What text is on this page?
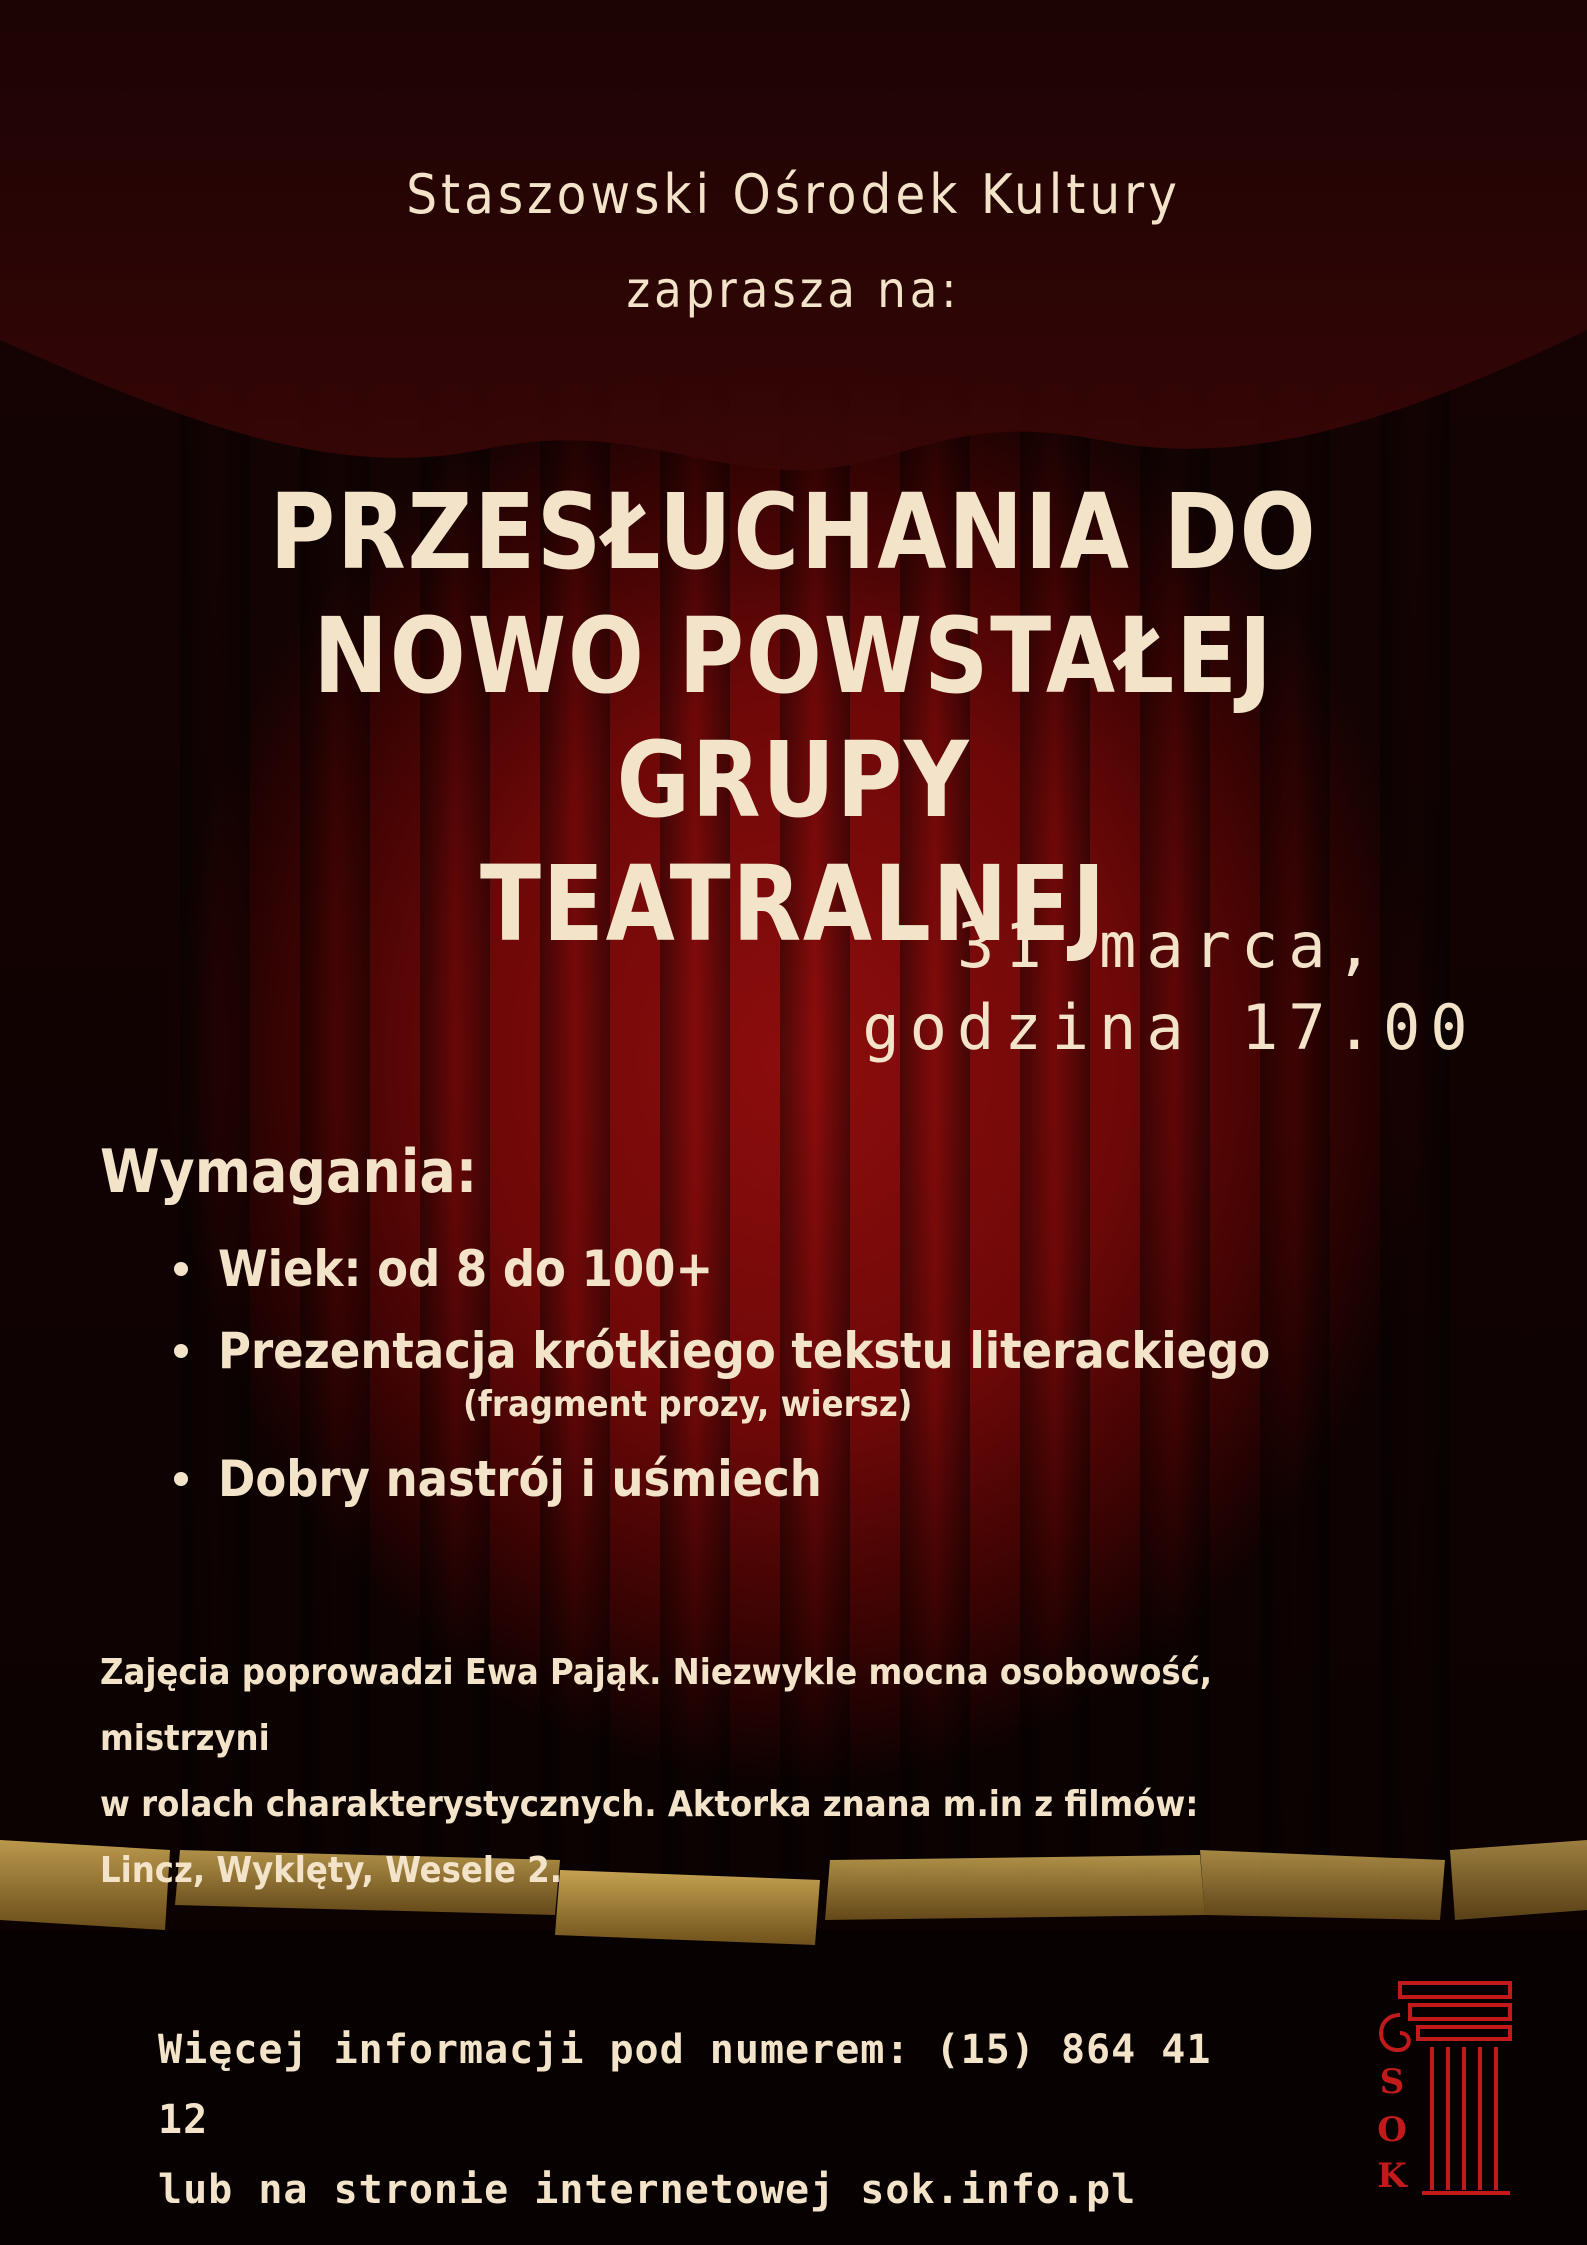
Staszowski Ośrodek Kultury
zaprasza na:
PRZESŁUCHANIA DO
NOWO POWSTAŁEJ GRUPY
TEATRALNEJ
31 marca,
godzina 17.00
Wymagania:
Wiek: od 8 do 100+
Prezentacja krótkiego tekstu literackiego
(fragment prozy, wiersz)
Dobry nastrój i uśmiech

Zajęcia poprowadzi Ewa Pająk. Niezwykle mocna osobowość, mistrzyni
w rolach charakterystycznych. Aktorka znana m.in z filmów:
Lincz, Wyklęty, Wesele 2.

Więcej informacji pod numerem: (15) 864 41 12
lub na stronie internetowej sok.info.pl

S
O
K
